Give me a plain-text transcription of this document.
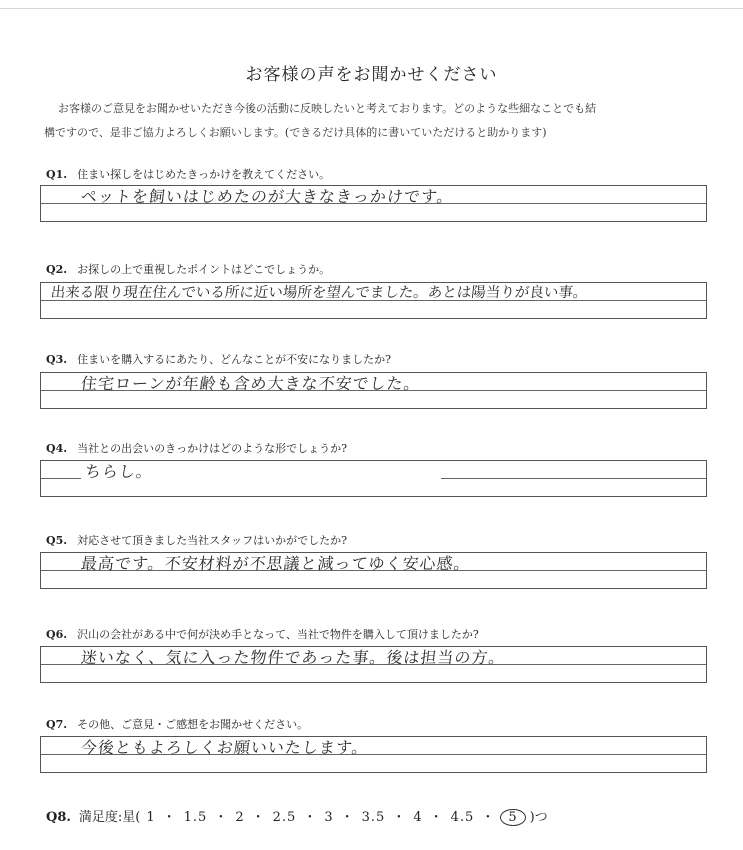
お客様の声をお聞かせください
お客様のご意見をお聞かせいただき今後の活動に反映したいと考えております。どのような些細なことでも結
構ですので、是非ご協力よろしくお願いします。(できるだけ具体的に書いていただけると助かります)
Q1. 住まい探しをはじめたきっかけを教えてください。
ペットを飼いはじめたのが大きなきっかけです。
Q2. お探しの上で重視したポイントはどこでしょうか。
出来る限り現在住んでいる所に近い場所を望んでました。あとは陽当りが良い事。
Q3. 住まいを購入するにあたり、どんなことが不安になりましたか?
住宅ローンが年齢も含め大きな不安でした。
Q4. 当社との出会いのきっかけはどのような形でしょうか?
ちらし。
Q5. 対応させて頂きました当社スタッフはいかがでしたか?
最高です。不安材料が不思議と減ってゆく安心感。
Q6. 沢山の会社がある中で何が決め手となって、当社で物件を購入して頂けましたか?
迷いなく、気に入った物件であった事。後は担当の方。
Q7. その他、ご意見・ご感想をお聞かせください。
今後ともよろしくお願いいたします。
Q8. 満足度:星( 1 ・ 1.5 ・ 2 ・ 2.5 ・ 3 ・ 3.5 ・ 4 ・ 4.5 ・ 5 )つ
